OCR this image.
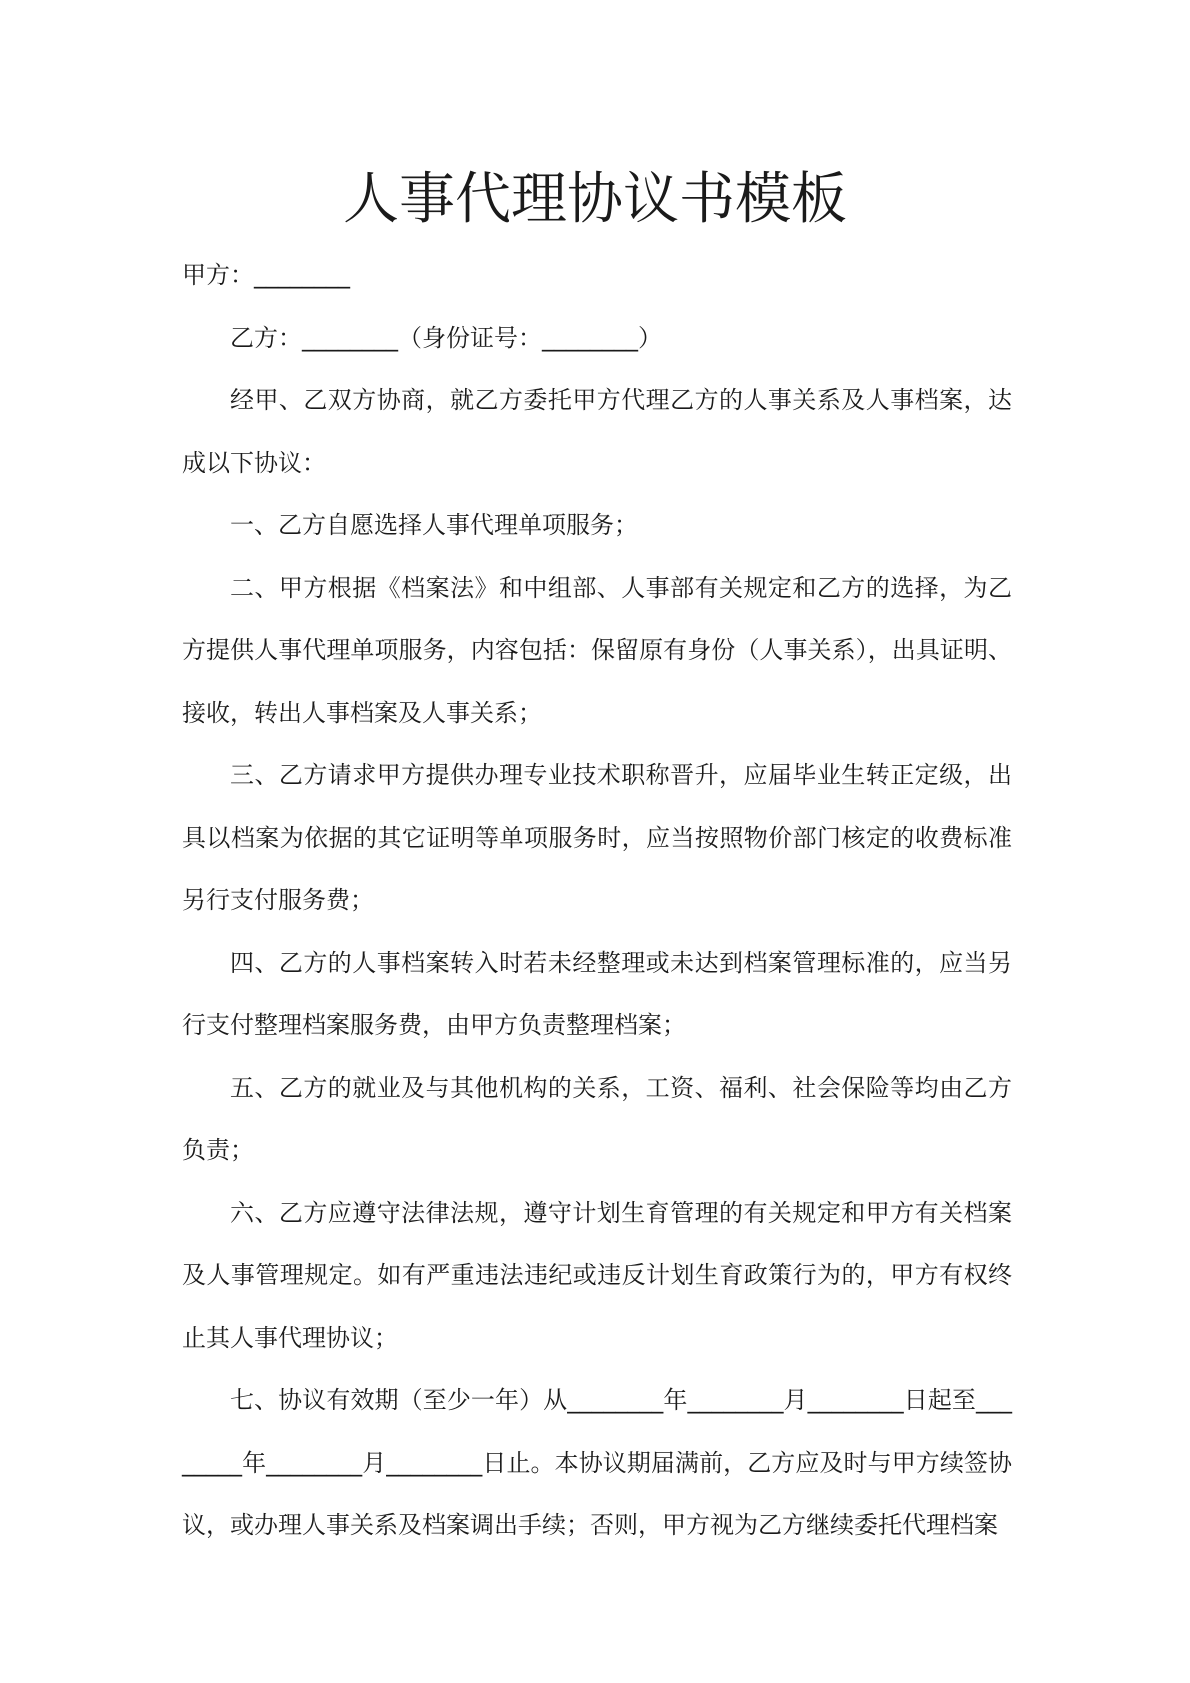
人事代理协议书模板

甲方：________

乙方：________（身份证号：________）

经甲、乙双方协商，就乙方委托甲方代理乙方的人事关系及人事档案，达成以下协议：

一、乙方自愿选择人事代理单项服务；

二、甲方根据《档案法》和中组部、人事部有关规定和乙方的选择，为乙方提供人事代理单项服务，内容包括：保留原有身份（人事关系），出具证明、接收，转出人事档案及人事关系；

三、乙方请求甲方提供办理专业技术职称晋升，应届毕业生转正定级，出具以档案为依据的其它证明等单项服务时，应当按照物价部门核定的收费标准另行支付服务费；

四、乙方的人事档案转入时若未经整理或未达到档案管理标准的，应当另行支付整理档案服务费，由甲方负责整理档案；

五、乙方的就业及与其他机构的关系，工资、福利、社会保险等均由乙方负责；

六、乙方应遵守法律法规，遵守计划生育管理的有关规定和甲方有关档案及人事管理规定。如有严重违法违纪或违反计划生育政策行为的，甲方有权终止其人事代理协议；

七、协议有效期（至少一年）从________年________月________日起至________年________月________日止。本协议期届满前，乙方应及时与甲方续签协议，或办理人事关系及档案调出手续；否则，甲方视为乙方继续委托代理档案
